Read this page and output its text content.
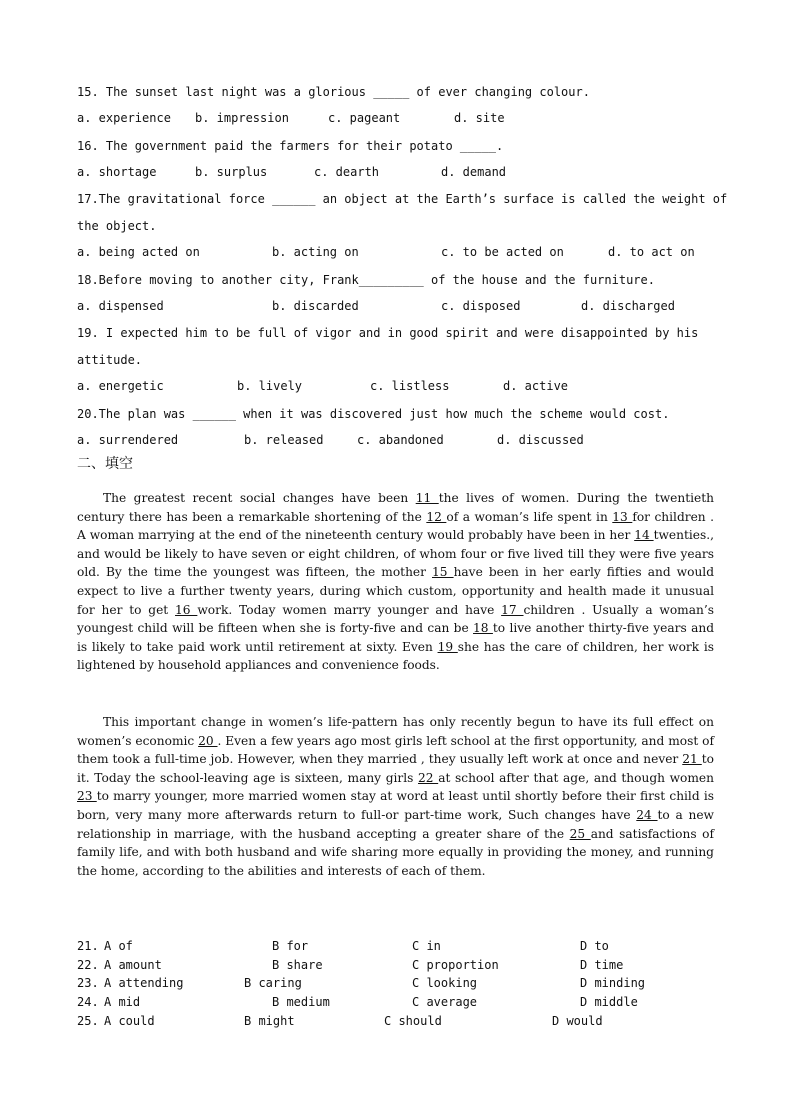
15. The sunset last night was a glorious _____ of ever changing colour.
a. experience b. impression	c. pageant	d. site
16. The government paid the farmers for their potato _____.
a. shortage	b. surplus	c. dearth	d. demand
17.The gravitational force ______ an object at the Earth’s surface is called the weight of
the object.
a. being acted on	b. acting on	c. to be acted on	d. to act on
18.Before moving to another city, Frank_________ of the house and the furniture.
a. dispensed	b. discarded	c. disposed	d. discharged
19. I expected him to be full of vigor and in good spirit and were disappointed by his
attitude.
a. energetic	b. lively	c. listless	d. active
20.The plan was ______ when it was discovered just how much the scheme would cost.
a. surrendered	b. released	c. abandoned	d. discussed
二、填空
The greatest recent social changes have been 11 the lives of women. During the twentieth century there has been a remarkable shortening of the 12 of a woman’s life spent in 13 for children . A woman marrying at the end of the nineteenth century would probably have been in her 14 twenties., and would be likely to have seven or eight children, of whom four or five lived till they were five years old. By the time the youngest was fifteen, the mother 15 have been in her early fifties and would expect to live a further twenty years, during which custom, opportunity and health made it unusual for her to get 16 work. Today women marry younger and have 17 children . Usually a woman’s youngest child will be fifteen when she is forty-five and can be 18 to live another thirty-five years and is likely to take paid work until retirement at sixty. Even 19 she has the care of children, her work is lightened by household appliances and convenience foods.
This important change in women’s life-pattern has only recently begun to have its full effect on women’s economic 20 . Even a few years ago most girls left school at the first opportunity, and most of them took a full-time job. However, when they married , they usually left work at once and never 21 to it. Today the school-leaving age is sixteen, many girls 22 at school after that age, and though women 23 to marry younger, more married women stay at word at least until shortly before their first child is born, very many more afterwards return to full-or part-time work, Such changes have 24 to a new relationship in marriage, with the husband accepting a greater share of the 25 and satisfactions of family life, and with both husband and wife sharing more equally in providing the money, and running the home, according to the abilities and interests of each of them.
21. A of	B for	C in	D to
22. A amount	B share	C proportion	D time
23. A attending	B caring	C looking	D minding
24. A mid	B medium	C average	D middle
25. A could	B might	C should	D would
